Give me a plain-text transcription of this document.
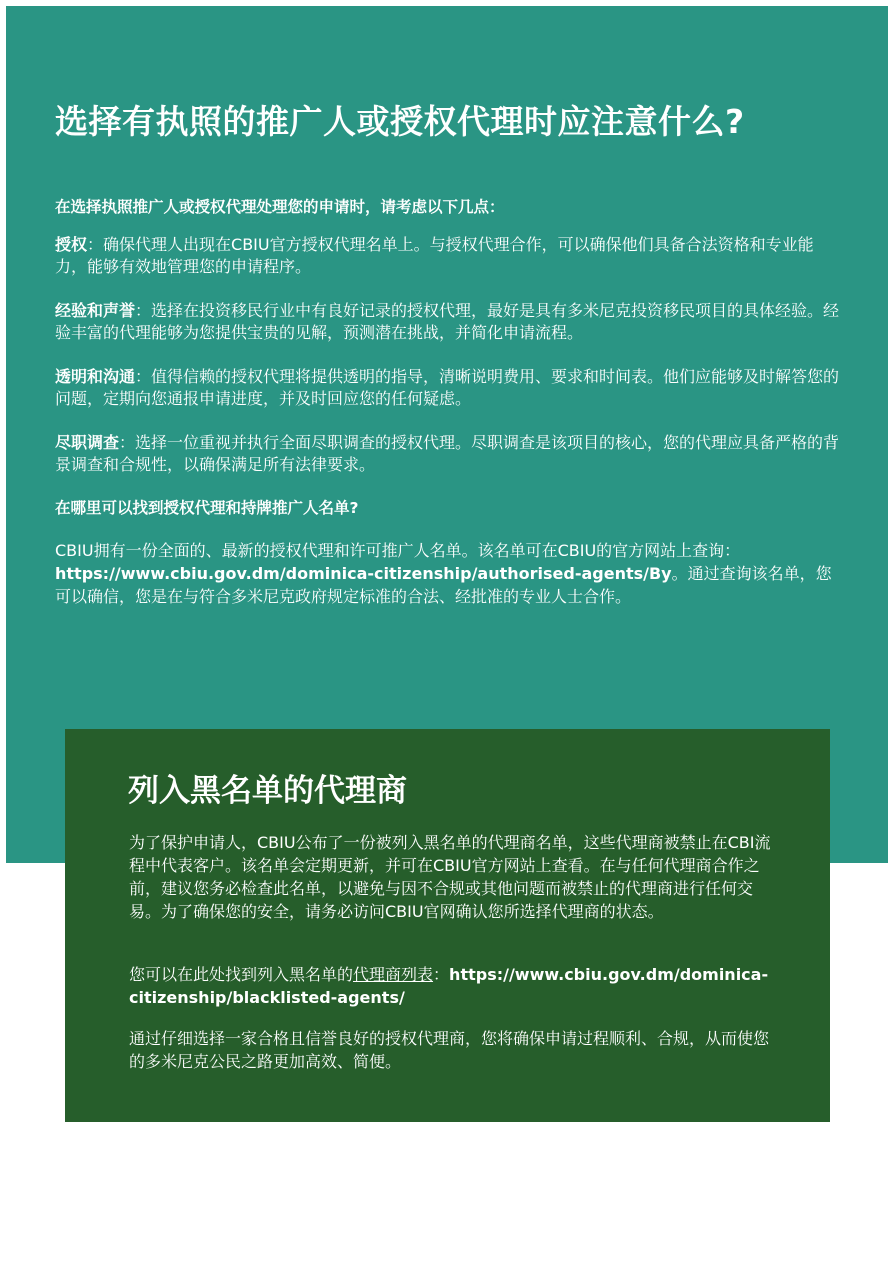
选择有执照的推广人或授权代理时应注意什么?

在选择执照推广人或授权代理处理您的申请时，请考虑以下几点：

授权：确保代理人出现在CBIU官方授权代理名单上。与授权代理合作，可以确保他们具备合法资格和专业能力，能够有效地管理您的申请程序。

经验和声誉：选择在投资移民行业中有良好记录的授权代理，最好是具有多米尼克投资移民项目的具体经验。经验丰富的代理能够为您提供宝贵的见解，预测潜在挑战，并简化申请流程。

透明和沟通：值得信赖的授权代理将提供透明的指导，清晰说明费用、要求和时间表。他们应能够及时解答您的问题，定期向您通报申请进度，并及时回应您的任何疑虑。

尽职调查：选择一位重视并执行全面尽职调查的授权代理。尽职调查是该项目的核心，您的代理应具备严格的背景调查和合规性，以确保满足所有法律要求。

在哪里可以找到授权代理和持牌推广人名单?

CBIU拥有一份全面的、最新的授权代理和许可推广人名单。该名单可在CBIU的官方网站上查询：https://www.cbiu.gov.dm/dominica-citizenship/authorised-agents/By。通过查询该名单，您可以确信，您是在与符合多米尼克政府规定标准的合法、经批准的专业人士合作。

列入黑名单的代理商

为了保护申请人，CBIU公布了一份被列入黑名单的代理商名单，这些代理商被禁止在CBI流程中代表客户。该名单会定期更新，并可在CBIU官方网站上查看。在与任何代理商合作之前，建议您务必检查此名单，以避免与因不合规或其他问题而被禁止的代理商进行任何交易。为了确保您的安全，请务必访问CBIU官网确认您所选择代理商的状态。

您可以在此处找到列入黑名单的代理商列表：https://www.cbiu.gov.dm/dominica-citizenship/blacklisted-agents/

通过仔细选择一家合格且信誉良好的授权代理商，您将确保申请过程顺利、合规，从而使您的多米尼克公民之路更加高效、简便。
